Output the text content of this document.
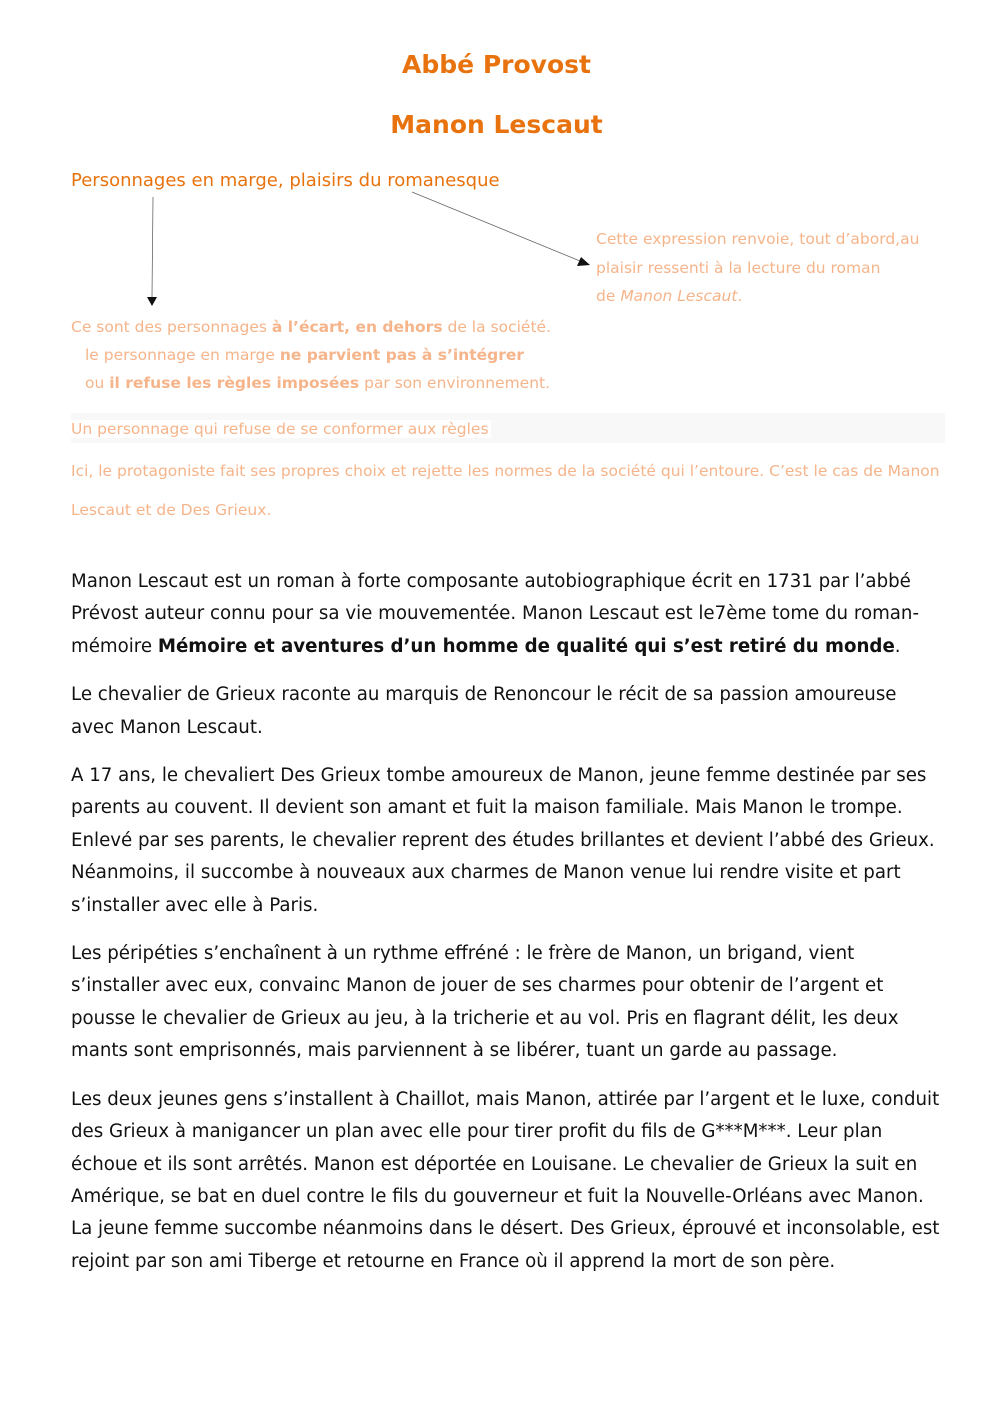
Abbé Provost
Manon Lescaut
Personnages en marge, plaisirs du romanesque
Cette expression renvoie, tout d’abord,au
plaisir ressenti à la lecture du roman
de Manon Lescaut.
Ce sont des personnages à l’écart, en dehors de la société.
le personnage en marge ne parvient pas à s’intégrer
ou il refuse les règles imposées par son environnement.
Un personnage qui refuse de se conformer aux règles
Ici, le protagoniste fait ses propres choix et rejette les normes de la société qui l’entoure. C’est le cas de Manon Lescaut et de Des Grieux.

Manon Lescaut est un roman à forte composante autobiographique écrit en 1731 par l’abbé Prévost auteur connu pour sa vie mouvementée. Manon Lescaut est le7ème tome du roman-mémoire Mémoire et aventures d’un homme de qualité qui s’est retiré du monde.

Le chevalier de Grieux raconte au marquis de Renoncour le récit de sa passion amoureuse avec Manon Lescaut.

A 17 ans, le chevaliert Des Grieux tombe amoureux de Manon, jeune femme destinée par ses parents au couvent. Il devient son amant et fuit la maison familiale. Mais Manon le trompe. Enlevé par ses parents, le chevalier reprent des études brillantes et devient l’abbé des Grieux. Néanmoins, il succombe à nouveaux aux charmes de Manon venue lui rendre visite et part s’installer avec elle à Paris.

Les péripéties s’enchaînent à un rythme effréné : le frère de Manon, un brigand, vient s’installer avec eux, convainc Manon de jouer de ses charmes pour obtenir de l’argent et pousse le chevalier de Grieux au jeu, à la tricherie et au vol. Pris en flagrant délit, les deux mants sont emprisonnés, mais parviennent à se libérer, tuant un garde au passage.

Les deux jeunes gens s’installent à Chaillot, mais Manon, attirée par l’argent et le luxe, conduit des Grieux à manigancer un plan avec elle pour tirer profit du fils de G***M***. Leur plan échoue et ils sont arrêtés. Manon est déportée en Louisane. Le chevalier de Grieux la suit en Amérique, se bat en duel contre le fils du gouverneur et fuit la Nouvelle-Orléans avec Manon. La jeune femme succombe néanmoins dans le désert. Des Grieux, éprouvé et inconsolable, est rejoint par son ami Tiberge et retourne en France où il apprend la mort de son père.
